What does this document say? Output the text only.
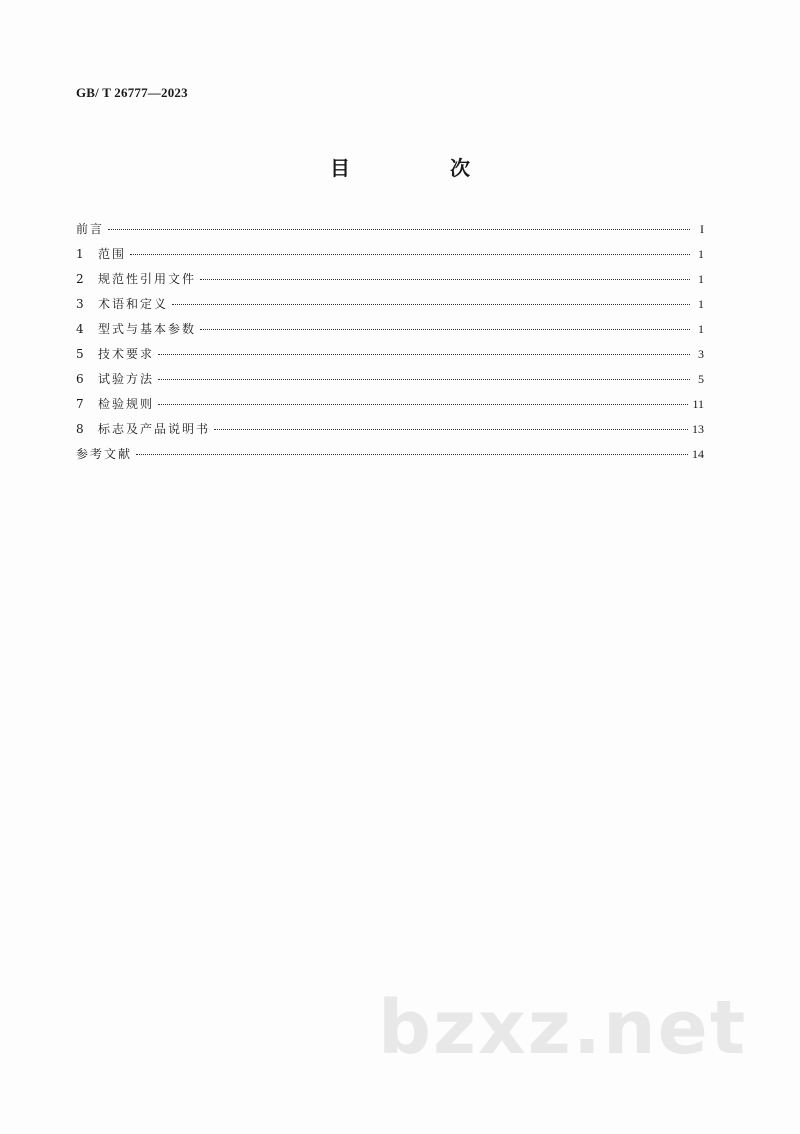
GB/ T 26777—2023
目　次
前言	I
1	范围	1
2	规范性引用文件	1
3	术语和定义	1
4	型式与基本参数	1
5	技术要求	3
6	试验方法	5
7	检验规则	11
8	标志及产品说明书	13
参考文献	14
bzxz.net
